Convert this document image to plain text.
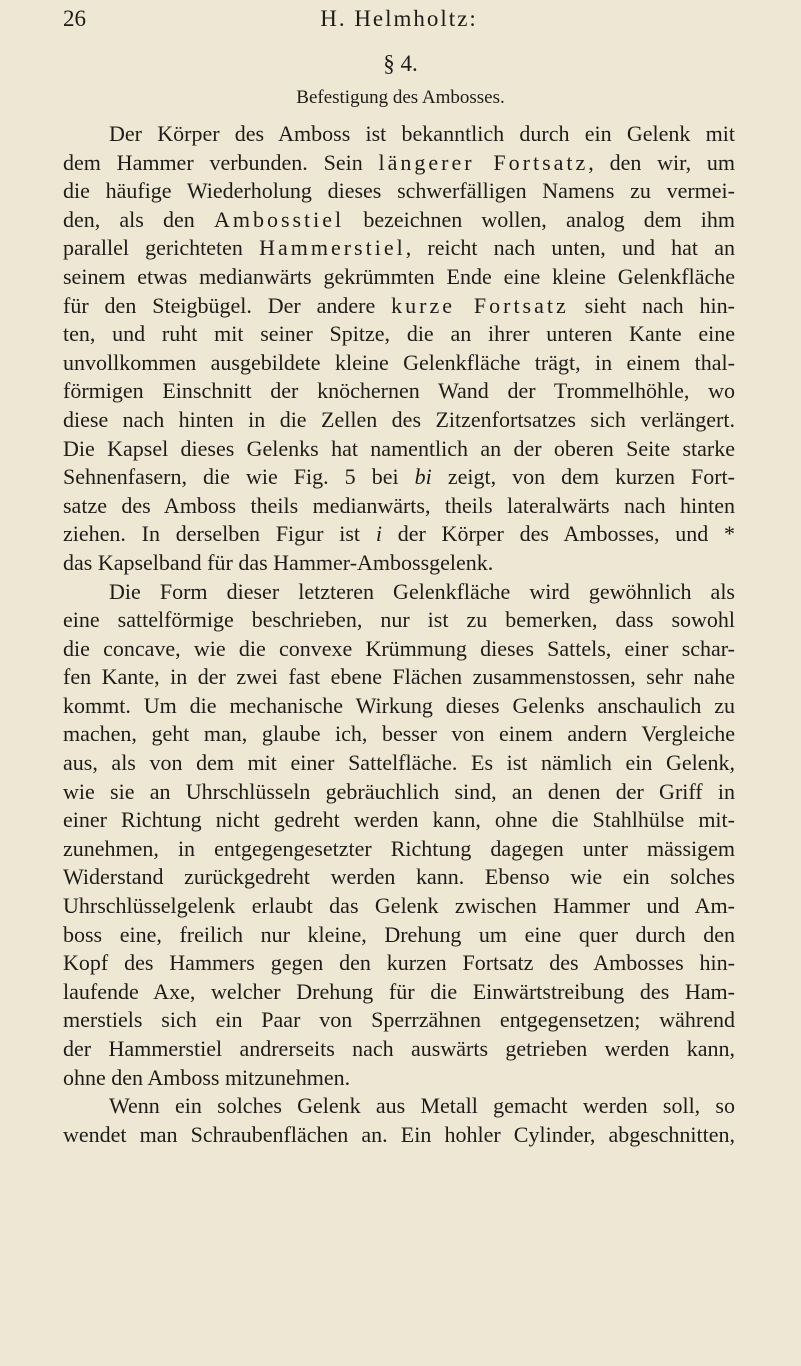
26	H. Helmholtz:
§ 4.
Befestigung des Ambosses.
Der Körper des Amboss ist bekanntlich durch ein Gelenk mit
dem Hammer verbunden. Sein längerer Fortsatz, den wir, um
die häufige Wiederholung dieses schwerfälligen Namens zu vermei-
den, als den Ambosstiel bezeichnen wollen, analog dem ihm
parallel gerichteten Hammerstiel, reicht nach unten, und hat an
seinem etwas medianwärts gekrümmten Ende eine kleine Gelenkfläche
für den Steigbügel. Der andere kurze Fortsatz sieht nach hin-
ten, und ruht mit seiner Spitze, die an ihrer unteren Kante eine
unvollkommen ausgebildete kleine Gelenkfläche trägt, in einem thal-
förmigen Einschnitt der knöchernen Wand der Trommelhöhle, wo
diese nach hinten in die Zellen des Zitzenfortsatzes sich verlängert.
Die Kapsel dieses Gelenks hat namentlich an der oberen Seite starke
Sehnenfasern, die wie Fig. 5 bei bi zeigt, von dem kurzen Fort-
satze des Amboss theils medianwärts, theils lateralwärts nach hinten
ziehen. In derselben Figur ist i der Körper des Ambosses, und *
das Kapselband für das Hammer-Ambossgelenk.
Die Form dieser letzteren Gelenkfläche wird gewöhnlich als
eine sattelförmige beschrieben, nur ist zu bemerken, dass sowohl
die concave, wie die convexe Krümmung dieses Sattels, einer schar-
fen Kante, in der zwei fast ebene Flächen zusammenstossen, sehr nahe
kommt. Um die mechanische Wirkung dieses Gelenks anschaulich zu
machen, geht man, glaube ich, besser von einem andern Vergleiche
aus, als von dem mit einer Sattelfläche. Es ist nämlich ein Gelenk,
wie sie an Uhrschlüsseln gebräuchlich sind, an denen der Griff in
einer Richtung nicht gedreht werden kann, ohne die Stahlhülse mit-
zunehmen, in entgegengesetzter Richtung dagegen unter mässigem
Widerstand zurückgedreht werden kann. Ebenso wie ein solches
Uhrschlüsselgelenk erlaubt das Gelenk zwischen Hammer und Am-
boss eine, freilich nur kleine, Drehung um eine quer durch den
Kopf des Hammers gegen den kurzen Fortsatz des Ambosses hin-
laufende Axe, welcher Drehung für die Einwärtstreibung des Ham-
merstiels sich ein Paar von Sperrzähnen entgegensetzen; während
der Hammerstiel andrerseits nach auswärts getrieben werden kann,
ohne den Amboss mitzunehmen.
Wenn ein solches Gelenk aus Metall gemacht werden soll, so
wendet man Schraubenflächen an. Ein hohler Cylinder, abgeschnitten,
